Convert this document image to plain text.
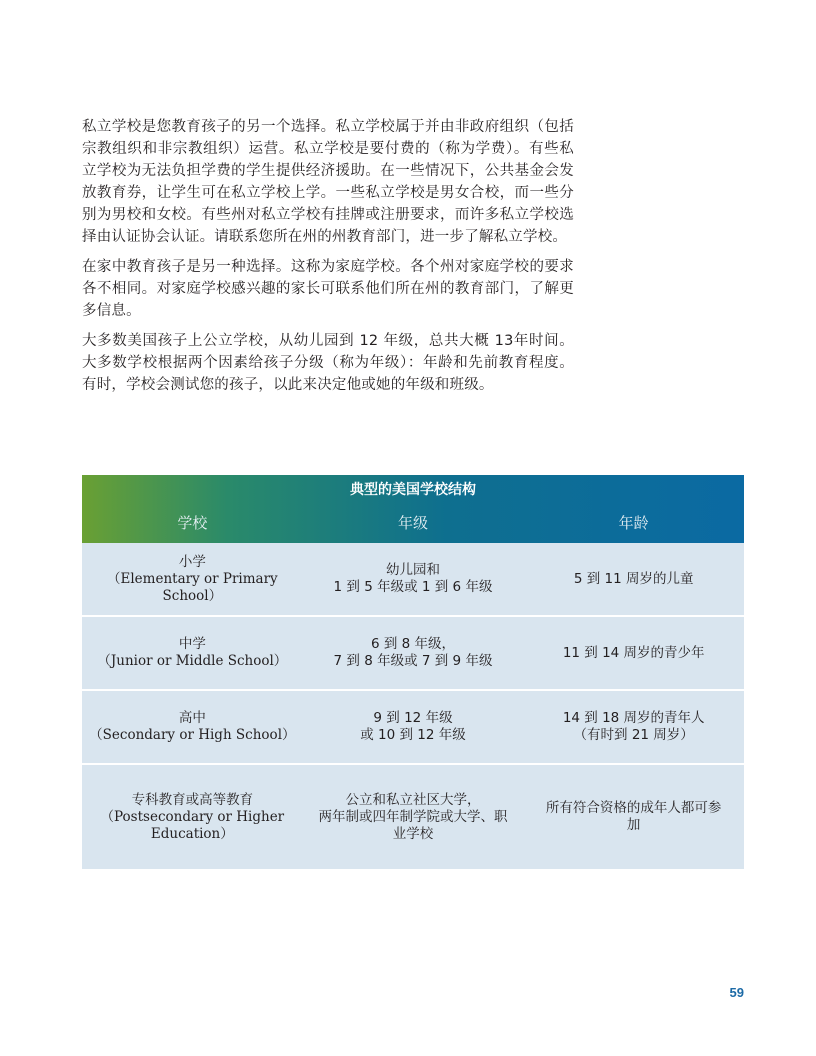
私立学校是您教育孩子的另一个选择。私立学校属于并由非政府组织（包括宗教组织和非宗教组织）运营。私立学校是要付费的（称为学费）。有些私立学校为无法负担学费的学生提供经济援助。在一些情况下，公共基金会发放教育券，让学生可在私立学校上学。一些私立学校是男女合校，而一些分别为男校和女校。有些州对私立学校有挂牌或注册要求，而许多私立学校选择由认证协会认证。请联系您所在州的州教育部门，进一步了解私立学校。

在家中教育孩子是另一种选择。这称为家庭学校。各个州对家庭学校的要求各不相同。对家庭学校感兴趣的家长可联系他们所在州的教育部门，了解更多信息。

大多数美国孩子上公立学校，从幼儿园到 12 年级，总共大概 13年时间。大多数学校根据两个因素给孩子分级（称为年级）：年龄和先前教育程度。有时，学校会测试您的孩子，以此来决定他或她的年级和班级。

典型的美国学校结构
学校	年级	年龄
小学
（Elementary or Primary School）
幼儿园和
1 到 5 年级或 1 到 6 年级
5 到 11 周岁的儿童
中学
（Junior or Middle School）
6 到 8 年级，
7 到 8 年级或 7 到 9 年级
11 到 14 周岁的青少年
高中
（Secondary or High School）
9 到 12 年级
或 10 到 12 年级
14 到 18 周岁的青年人
（有时到 21 周岁）
专科教育或高等教育
（Postsecondary or Higher
Education）
公立和私立社区大学，
两年制或四年制学院或大学、职
业学校
所有符合资格的成年人都可参
加
59
